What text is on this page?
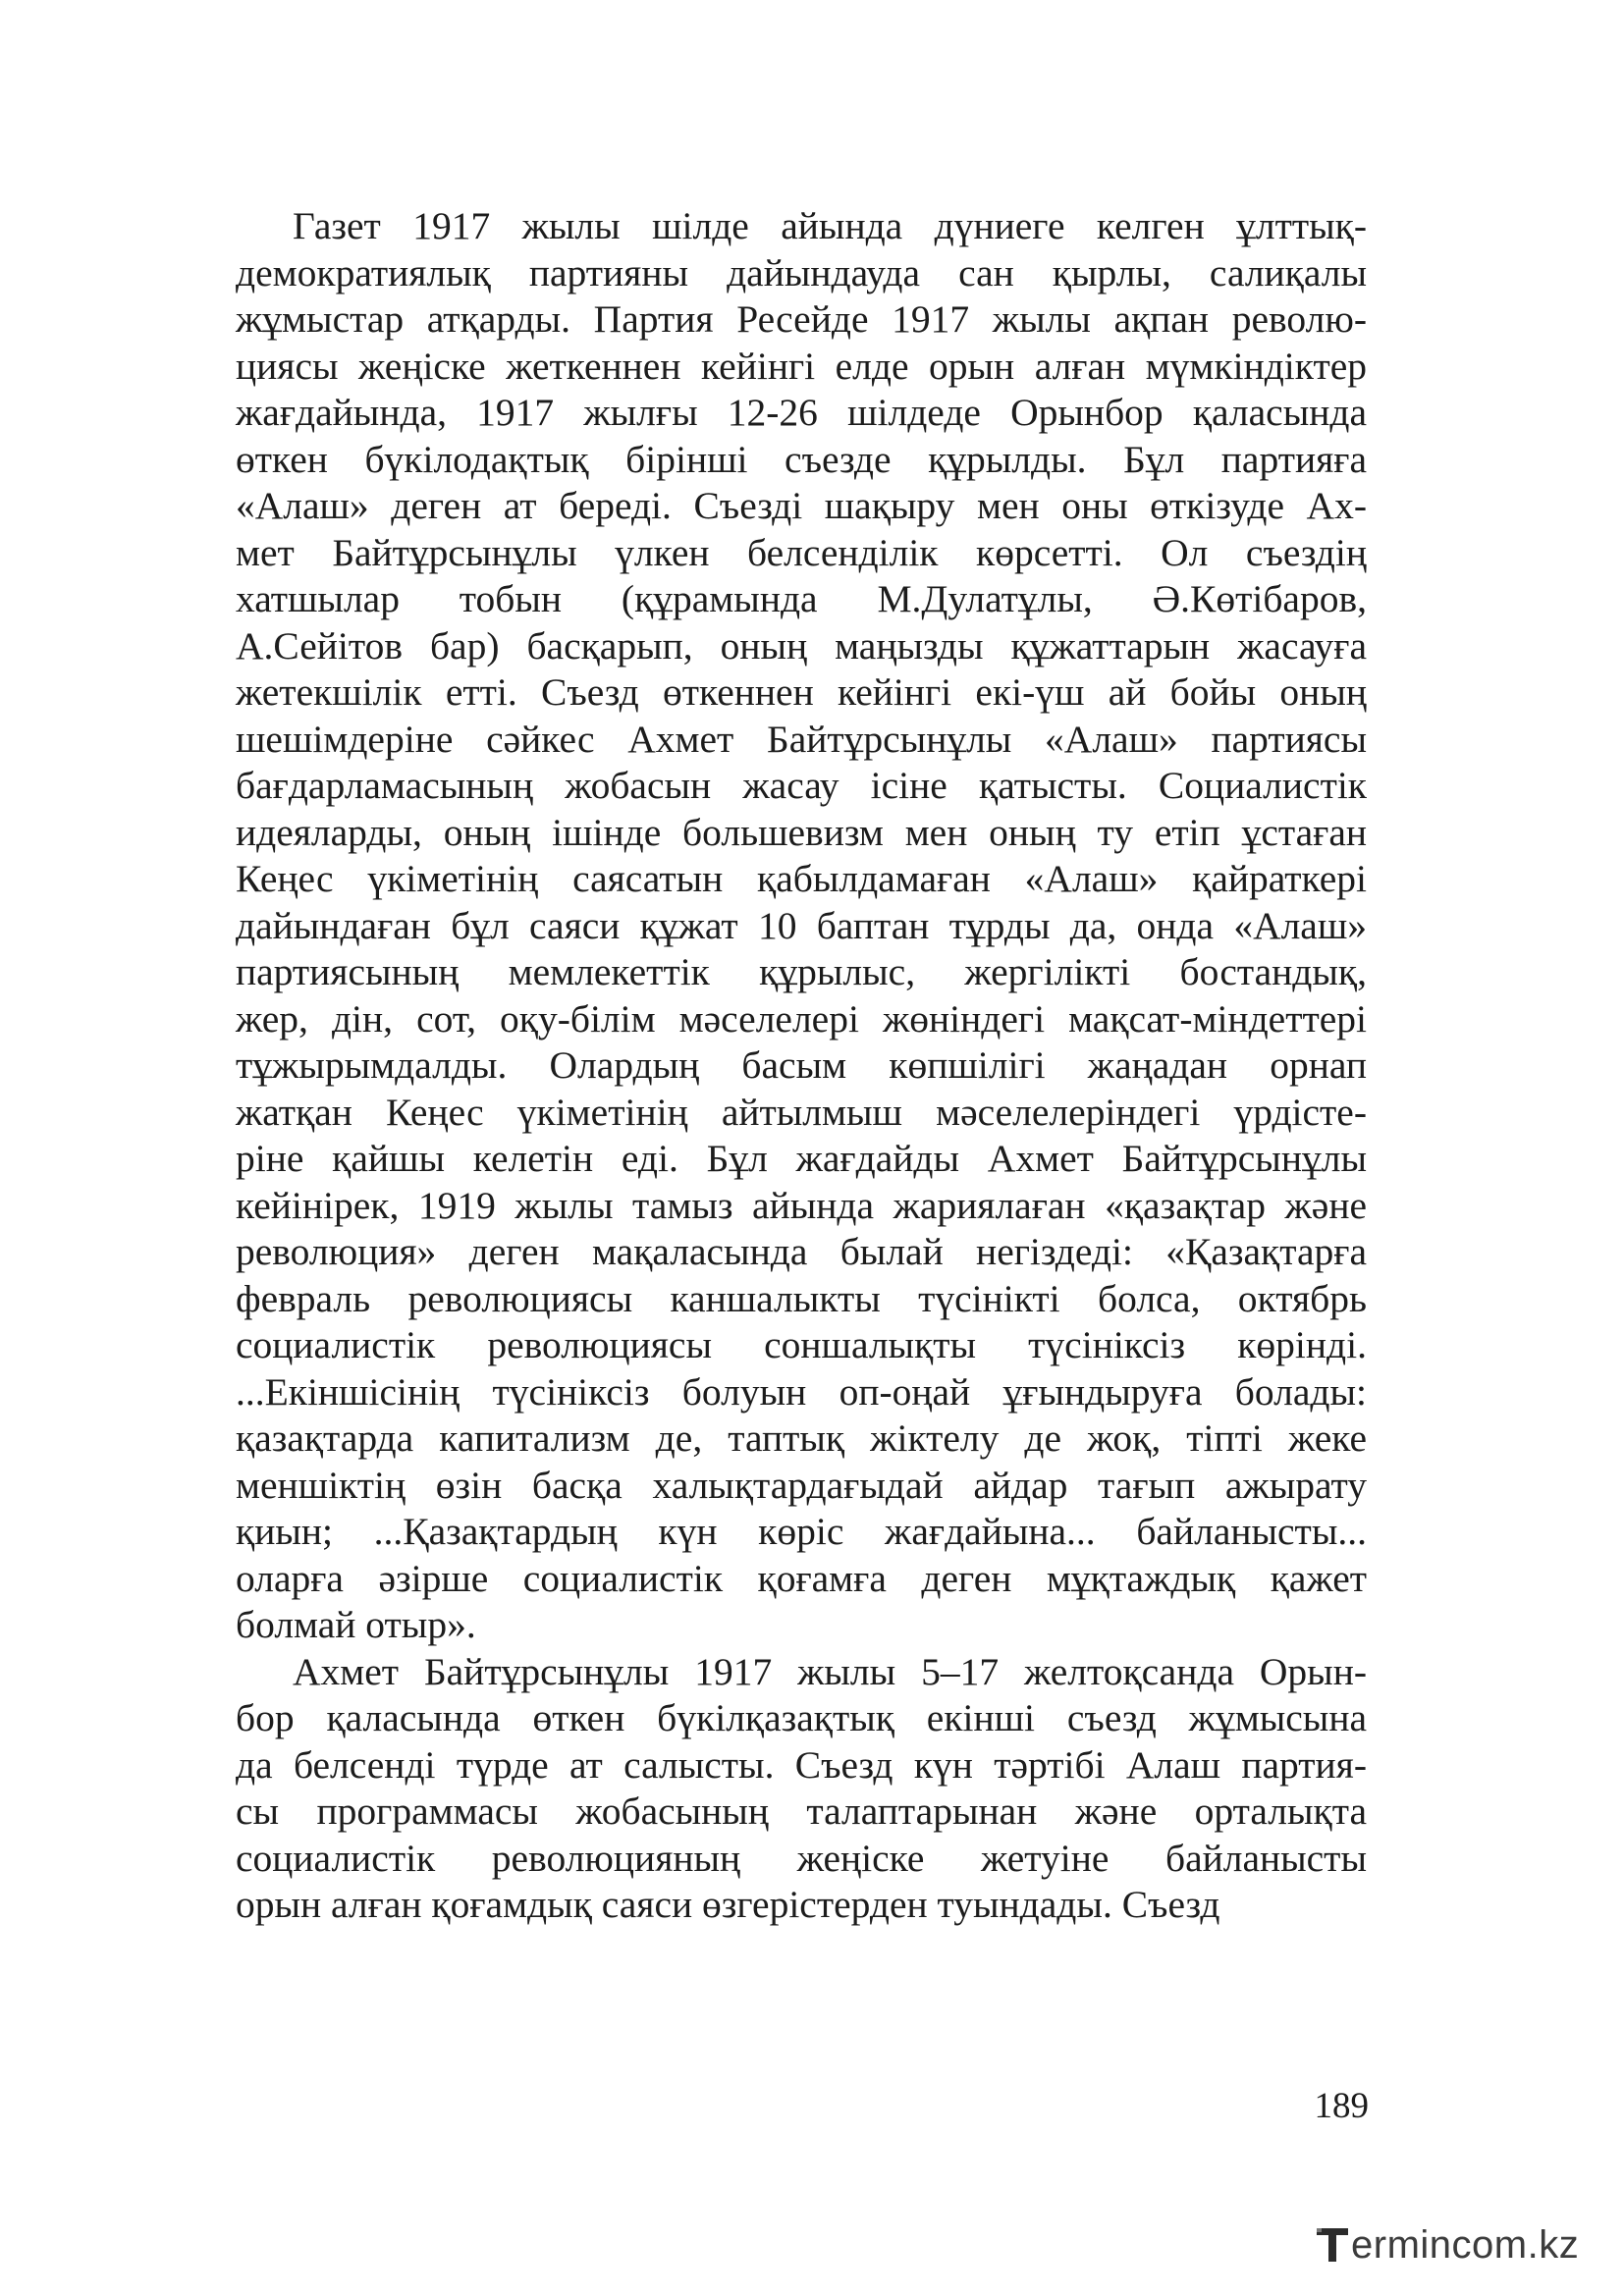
Газет 1917 жылы шілде айында дүниеге келген ұлттық-
демократиялық партияны дайындауда сан қырлы, салиқалы
жұмыстар атқарды. Партия Ресейде 1917 жылы ақпан револю-
циясы жеңіске жеткеннен кейінгі елде орын алған мүмкіндіктер
жағдайында, 1917 жылғы 12-26 шілдеде Орынбор қаласында
өткен бүкілодақтық бірінші съезде құрылды. Бұл партияға
«Алаш» деген ат береді. Съезді шақыру мен оны өткізуде Ах-
мет Байтұрсынұлы үлкен белсенділік көрсетті. Ол съездің
хатшылар тобын (құрамында М.Дулатұлы, Ә.Көтібаров,
А.Сейітов бар) басқарып, оның маңызды құжаттарын жасауға
жетекшілік етті. Съезд өткеннен кейінгі екі-үш ай бойы оның
шешімдеріне сәйкес Ахмет Байтұрсынұлы «Алаш» партиясы
бағдарламасының жобасын жасау ісіне қатысты. Социалистік
идеяларды, оның ішінде большевизм мен оның ту етіп ұстаған
Кеңес үкіметінің саясатын қабылдамаған «Алаш» қайраткері
дайындаған бұл саяси құжат 10 баптан тұрды да, онда «Алаш»
партиясының мемлекеттік құрылыс, жергілікті бостандық,
жер, дін, сот, оқу-білім мәселелері жөніндегі мақсат-міндеттері
тұжырымдалды. Олардың басым көпшілігі жаңадан орнап
жатқан Кеңес үкіметінің айтылмыш мәселелеріндегі үрдісте-
ріне қайшы келетін еді. Бұл жағдайды Ахмет Байтұрсынұлы
кейінірек, 1919 жылы тамыз айында жариялаған «қазақтар және
революция» деген мақаласында былай негіздеді: «Қазақтарға
февраль революциясы каншалыкты түсінікті болса, октябрь
социалистік революциясы соншалықты түсініксіз көрінді.
...Екіншісінің түсініксіз болуын оп-оңай ұғындыруға болады:
қазақтарда капитализм де, таптық жіктелу де жоқ, тіпті жеке
меншіктің өзін басқа халықтардағыдай айдар тағып ажырату
қиын; ...Қазақтардың күн көріс жағдайына... байланысты...
оларға әзірше социалистік қоғамға деген мұқтаждық қажет
болмай отыр».
Ахмет Байтұрсынұлы 1917 жылы 5–17 желтоқсанда Орын-
бор қаласында өткен бүкілқазақтық екінші съезд жұмысына
да белсенді түрде ат салысты. Съезд күн тәртібі Алаш партия-
сы программасы жобасының талаптарынан және орталықта
социалистік революцияның жеңіске жетуіне байланысты
орын алған қоғамдық саяси өзгерістерден туындады. Съезд
189
ermincom.kz
